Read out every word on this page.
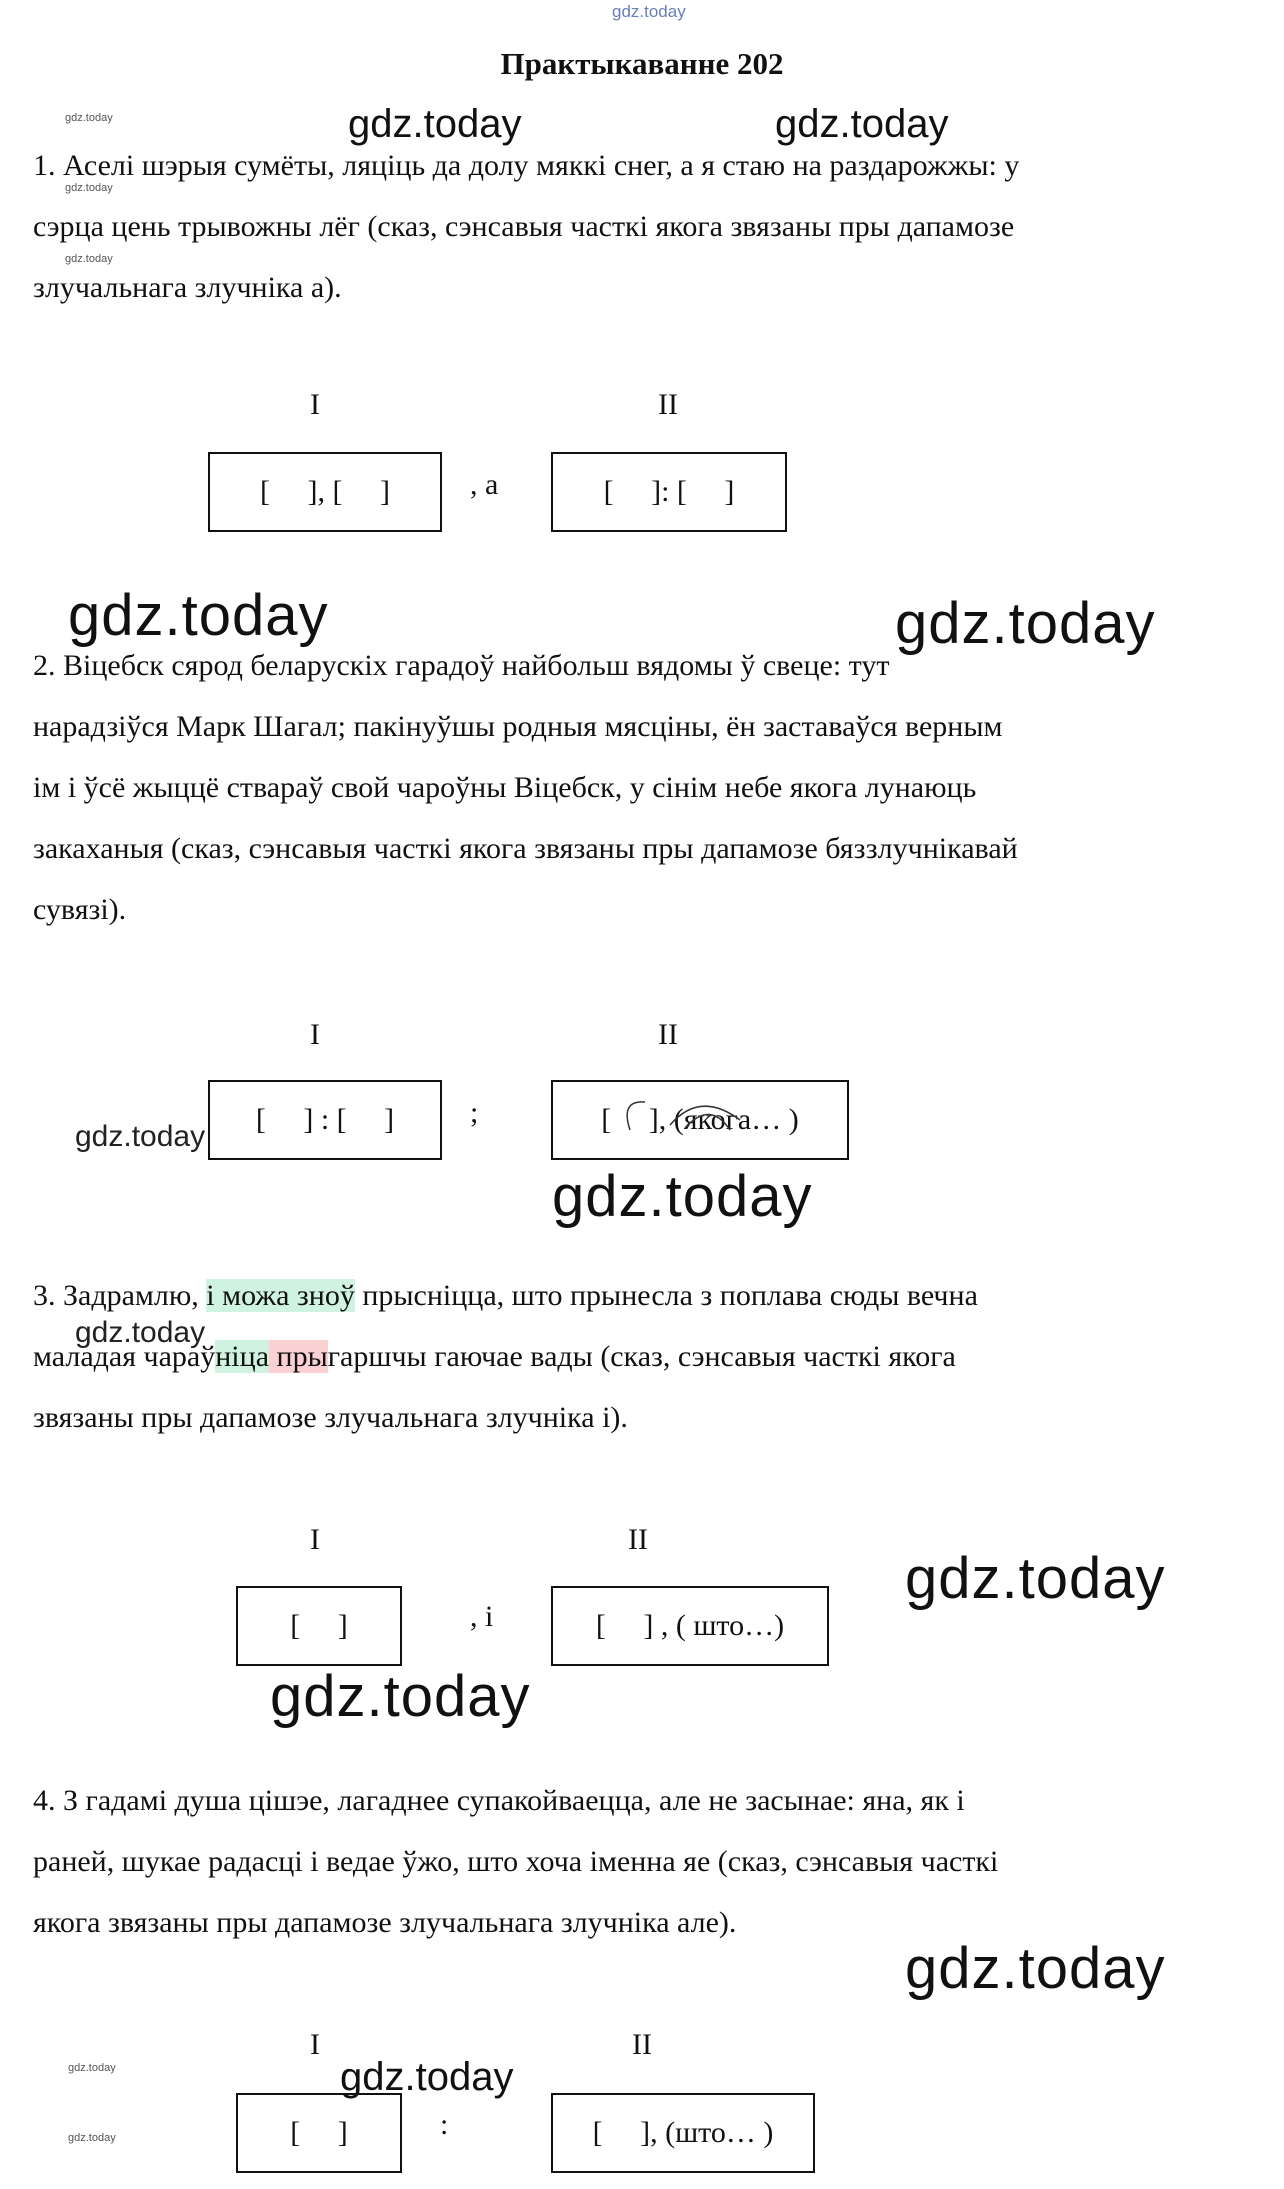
gdz.today
Практыкаванне 202
gdz.today
gdz.today
gdz.today
gdz.today
gdz.today
gdz.today	gdz.today
1. Аселі шэрыя сумёты, ляціць да долу мяккі снег, а я стаю на раздарожжы: у
сэрца цень трывожны лёг (сказ, сэнсавыя часткі якога звязаны пры дапамозе
злучальнага злучніка а).
I	II
[     ], [     ]	, а	[     ]: [     ]
gdz.today	gdz.today
2. Віцебск сярод беларускіх гарадоў найбольш вядомы ў свеце: тут
нарадзіўся Марк Шагал; пакінуўшы родныя мясціны, ён заставаўся верным
ім і ўсё жыццё ствараў свой чароўны Віцебск, у сінім небе якога лунаюць
закаханыя (сказ, сэнсавыя часткі якога звязаны пры дапамозе бяззлучнікавай
сувязі).
I	II
[     ] : [     ]	;	[     ], (якога… )
gdz.today
gdz.today
3. Задрамлю, і можа зноў прысніцца, што прынесла з поплава сюды вечна
маладая чараўніца прыгаршчы гаючае вады (сказ, сэнсавыя часткі якога
звязаны пры дапамозе злучальнага злучніка і).
gdz.today
I	II
[     ]	, і	[     ] , ( што…)
gdz.today
gdz.today
4. З гадамі душа цішэе, лагаднее супакойваецца, але не засынае: яна, як і
раней, шукае радасці і ведае ўжо, што хоча іменна яе (сказ, сэнсавыя часткі
якога звязаны пры дапамозе злучальнага злучніка але).
gdz.today
I	II
gdz.today
[     ]	:	[     ], (што… )
